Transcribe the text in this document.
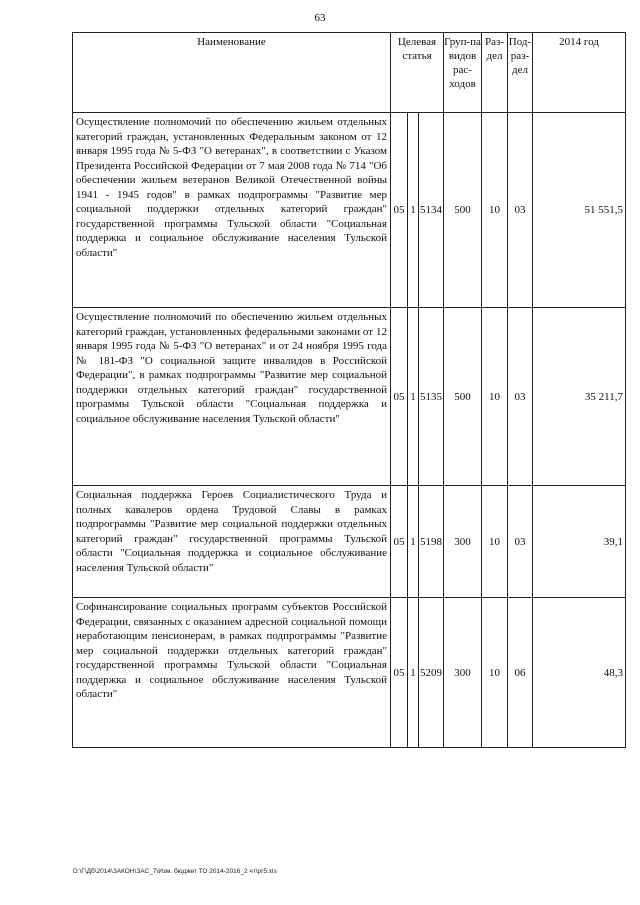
63
Наименование	Целевая статья			Груп-па видов рас-ходов	Раз-дел	Под-раз-дел	2014 год
Осуществление полномочий по обеспечению жильем отдельных категорий граждан, установленных Федеральным законом от 12 января 1995 года № 5-ФЗ "О ветеранах", в соответствии с Указом Президента Российской Федерации от 7 мая 2008 года № 714 "Об обеспечении жильем ветеранов Великой Отечественной войны 1941 - 1945 годов" в рамках подпрограммы "Развитие мер социальной поддержки отдельных категорий граждан" государственной программы Тульской области "Социальная поддержка и социальное обслуживание населения Тульской области"	05	1	5134	500	10	03	51 551,5
Осуществление полномочий по обеспечению жильем отдельных категорий граждан, установленных федеральными законами от 12 января 1995 года № 5-ФЗ "О ветеранах" и от 24 ноября 1995 года № 181-ФЗ "О социальной защите инвалидов в Российской Федерации", в рамках подпрограммы "Развитие мер социальной поддержки отдельных категорий граждан" государственной программы Тульской области "Социальная поддержка и социальное обслуживание населения Тульской области"	05	1	5135	500	10	03	35 211,7
Социальная поддержка Героев Социалистического Труда и полных кавалеров ордена Трудовой Славы в рамках подпрограммы "Развитие мер социальной поддержки отдельных категорий граждан" государственной программы Тульской области "Социальная поддержка и социальное обслуживание населения Тульской области"	05	1	5198	300	10	03	39,1
Софинансирование социальных программ субъектов Российской Федерации, связанных с оказанием адресной социальной помощи неработающим пенсионерам, в рамках подпрограммы "Развитие мер социальной поддержки отдельных категорий граждан" государственной программы Тульской области "Социальная поддержка и социальное обслуживание населения Тульской области"	05	1	5209	300	10	06	48,3
D:\Г\Дб\2014\ЗАКОН\ЗАС_7\Изм. бюджет ТО 2014-2016_2 чт\pr5.xls
